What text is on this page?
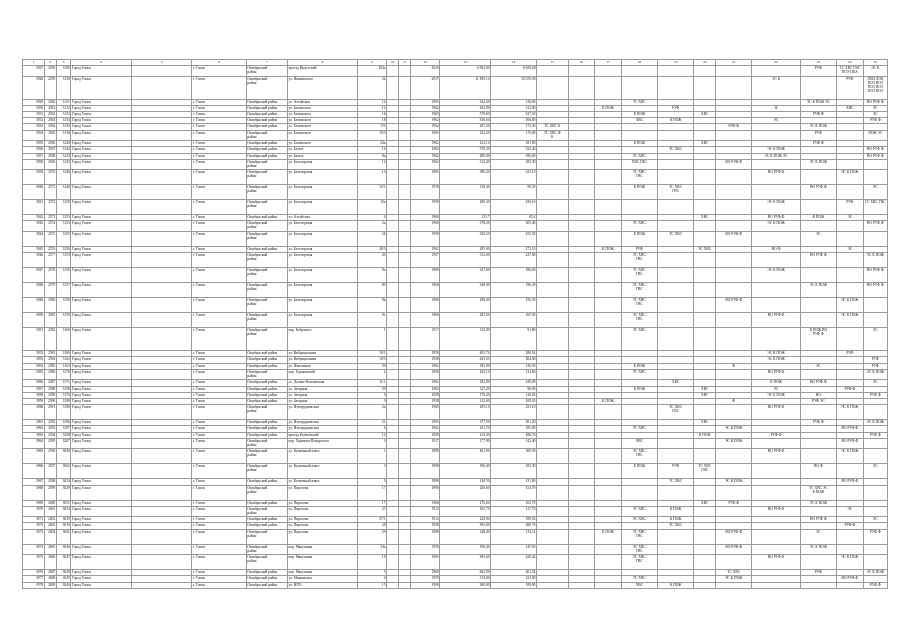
1	2	3	4	5	6	7	8	9	10	11	12	13	14	15	16	17	18	19	20	21	22	23	24	25
3927	2590	3100	Город Томск		г. Томск	Октябрьский
район	проезд Иркутский	104а			2020	6 963,00	6 639,00									РУФ	ТС ХВС ГВС
ПОЭ ПКА	ЭС К
3928	2559	3130	Город Томск		г. Томск	Октябрьский
район	ул. Ивановского	32			2017	11 499,10	10 376,90								ЭС К		РУФ	ЛОИ ЛОЦ
ПОЗ ПОЗ
ПОЗ ПОЗ
ПОЗ ПОЗ
3929	2560	3131	Город Томск		г. Томск	Октябрьский район	ул. Алтайская	12			1965	342,30	316,60				ТС ХВС					ЭС К ПОЖ ЭС		ВО РУФ Ф
3930	2561	3132	Город Томск		г. Томск	Октябрьский район	ул. Белинского	12			1962	443,90	312,00			К ПОЖ		РУФ			Ф		ХВС	ЭС
3931	2562	3133	Город Томск		г. Томск	Октябрьский район	ул. Белинского	16			1965	579,60	527,50				К ПОЖ		ХВС			РУФ Ф		ЭС
3932	2563	3134	Город Томск		г. Томск	Октябрьский район	ул. Белинского	18			1962	556,60	506,00				ХВС	К ПОЖ			ЭС			РУФ Ф
3933	2564	3135	Город Томск		г. Томск	Октябрьский район	ул. Белинского	17б			1962	207,20	173,30	ТС ХВС К						РУФ Ф		ЭС К ПОЖ		
3934	2565	3136	Город Томск		г. Томск	Октябрьский
район	ул. Белинского	19/3			1965	252,20	170,00	ТС ХВС Ф
К								РУФ		ПОЖ ЭС
3935	2566	3140	Город Томск		г. Томск	Октябрьский район	ул. Белинского	24а			1962	223,10	181,00				К ПОЖ		ХВС			РУФ Ф		
3936	2567	3142	Город Томск		г. Томск	Октябрьский район	ул. Белых	16			1962	578,30	523,40					ТС ХВС			ЭС К ПОЖ			ВО РУФ Ф
3937	2568	3143	Город Томск		г. Томск	Октябрьский район	ул. Белых	8а			1962	400,00	290,60				ТС ХВС				ЭС К ПОЖ ЭС			ВО РУФ Ф
3938	2569	3145	Город Томск		г. Томск	Октябрьский
район	ул. Белозерская	12			1962	313,40	295,30				ХВС ГВС			ВО РУФ Ф		ЭС К ПОЖ		
3939	2570	3146	Город Томск		г. Томск	Октябрьский
район	ул. Белозерская	13			1965	380,20	341,10				ТС ХВС
ГВС				ВО РУФ Ф		ЭС К ПОЖ	
3940	2571	3140	Город Томск		г. Томск	Октябрьский
район	ул. Белозерская	13/1			1918	138,40	90,30				К ПОЖ	ТС ХВС
ГВС				ВО РУФ Ф		ЭС
3941	2572	3150	Город Томск		г. Томск	Октябрьский
район	ул. Белозерская	15а			1958	289,30	256,10								ЭС К ПОЖ		РУФ	ГС ХВС ГВС
3942	2573	3152	Город Томск		г. Томск	Октябрьский район	ул. Алтайская	4			1960	133,7	85,4						ХВС		ВО РУФ Ф	К ПОЖ	ЭС	
3943	2574	3153	Город Томск		г. Томск	Октябрьский
район	ул. Белозерская	2а			1960	378,20	305,40				ТС ХВС				ЭС К ПОЖ			ВО РУФ Ф
3944	2575	3155	Город Томск		г. Томск	Октябрьский
район	ул. Белозерская	26			1958	326,50	255,50				К ПОЖ	ТС ХВС		ВО РУФ Ф		ЭС		
3945	2576	3156	Город Томск		г. Томск	Октябрьский район	ул. Белозерская	28/3			1962	295,00	272,10			К ПОЖ	РУФ		ЭС ХВС		ВО Ф		ЭС	
3946	2577	3153	Город Томск		г. Томск	Октябрьский
район	ул. Белозерская	2б			1957	312,00	227,90				ТС ХВС
ГВС					ВО РУФ Ф		ЭС К ПОЖ
3947	2578	3156	Город Томск		г. Томск	Октябрьский
район	ул. Белозерская	8а			1960	327,60	186,60				ТС ХВС
ГВС				ЭС К ПОЖ			ВО РУФ Ф
3948	2579	3157	Город Томск		г. Томск	Октябрьский
район	ул. Белозерская	8б			1960	348,90	196,30				ТС ХВС
ГВС					ЭС К ПОЖ		ВО РУФ Ф
3949	2580	3158	Город Томск		г. Томск	Октябрьский
район	ул. Белозерская	8в			1960	298,00	150,30				ТС ХВС
ГВС			ВО РУФ Ф			ЭС К ПОЖ	
3950	2581	3159	Город Томск		г. Томск	Октябрьский
район	ул. Белозерская	9г			1960	283,30	165,50				ТС ХВС
ГВС				ВО РУФ Ф		ЭС К ПОЖ	
3951	2582	3160	Город Томск		г. Томск	Октябрьский
район	пер. Бобрового	1			1917	125,00	91,80				ТС ХВС					К ПОЖ ВО
РУФ Ф		ЭС
3952	2583	3160	Город Томск		г. Томск	Октябрьский район	ул. Вибрационная	10/1			1958	405,74	280,54								ЭС К ПОЖ		РУФ	
3953	2584	3162	Город Томск		г. Томск	Октябрьский район	ул. Вибрационная	10/3			1958	443,05	284,60								ЭС К ПОЖ			РУФ
3954	2585	3163	Город Томск		г. Томск	Октябрьский район	ул. Фонтанная	59			1962	185,00	126,50				К ПОЖ			Ф		ЭС		РУФ
3955	2586	3170	Город Томск		г. Томск	Октябрьский
район	пер. Горьковский	2			1958	165,10	133,60				ТС ХВС				ВО РУФ Ф			ЭС К ПОЖ
3956	2587	3171	Город Томск		г. Томск	Октябрьский район	ул. Дальне-Ключевская	11/1			1962	292,90	249,00					ХВС			К ПОЖ	ВО РУФ Ф		ЭС
3957	2588	3158	Город Томск		г. Томск	Октябрьский район	ул. Загорная	59			1962	147,20	96,00				К ПОЖ		ХВС		ЭС		РУФ Ф	
3958	2589	3176	Город Томск		г. Томск	Октябрьский район	ул. Загорная	5			1958	176,45	120,03						ХВС		ЭС К ПОЖ	ВО		РУФ Ф
3959	2590	3180	Город Томск		г. Томск	Октябрьский район	ул. Загорная	9			1958	142,60	109,20			К ПОЖ				Ф		РУФ ЭС		
3960	2591	3190	Город Томск		г. Томск	Октябрьский
район	ул. Изумрудновская	2а			1965	295,10	253,10					ТС ХВС
ГВС			ВО РУФ Ф		ЭС К ПОЖ	
3961	2592	3196	Город Томск		г. Томск	Октябрьский район	ул. Изумрудновская	21			1965	277,50	201,20						ХВС			РУФ Ф		ЭС К ПОЖ
3962	2593	3197	Город Томск		г. Томск	Октябрьский район	ул. Изумрудновская	6			1962	231,70	185,00				ТС ХВС			ЭС К ПОЖ			ВО РУФ Ф	
3963	2594	3208	Город Томск		г. Томск	Октябрьский район	проезд Ключевской	12			1958	413,30	286,70						К ПОЖ		РУФ Ф			РУФ Ф
3964	2595	3207	Город Томск		г. Томск	Октябрьский
район	пер. Худякова-Пожарского	3			1917	177,90	142,40				ХВС			ЭС К ПОЖ			ВО РУФ Ф	
3965	2596	3040	Город Томск		г. Томск	Октябрьский
район	ул. Кузнечный взвоз	1			1898	401,00	300,50				ТС ХВС
ГВС				ВО РУФ Ф		ЭС К ПОЖ	
3966	2597	3062	Город Томск		г. Томск	Октябрьский
район	ул. Кузнечный взвоз	3			1898	196,40	185,30				К ПОЖ	РУФ	ТС ХВС
ГВС			ВО Ф		ЭС
3967	2598	3024	Город Томск		г. Томск	Октябрьский район	ул. Кузнечный взвоз	5			1890	148,50	131,00					ТС ХВС		ЭС К ПОЖ			ВО РУФ Ф	
3968	2599	3029	Город Томск		г. Томск	Октябрьский
район	ул. Пирогова	17			1890	256,60	154,70									ТС ХВС ЭС
К ПОЖ		
3969	2600	3031	Город Томск		г. Томск	Октябрьский район	ул. Пирогова	17			1960	276,60	163,70						ХВС	РУФ Ф		ЭС К ПОЖ		
3970	2601	3034	Город Томск		г. Томск	Октябрьский
район	ул. Пирогова	27			1912	165,70	127,70				ТС ХВС	К ПОЖ			ВО РУФ Ф		ЭС	
3971	2602	3029	Город Томск		г. Томск	Октябрьский район	ул. Пирогова	27/1			1912	220,90	199,50				ЭС ХВС	К ПОЖ				ВО РУФ Ф		ЭС
3972	2603	3030	Город Томск		г. Томск	Октябрьский район	ул. Пирогова	28			1958	395,00	280,70					ТС ХВС					РУФ Ф	
3973	2604	3041	Город Томск		г. Томск	Октябрьский
район	ул. Пирогова	29			1909	248,40	135,11			К ПОЖ	ТС ХВС
ГВС			ВО РУФ Ф		ЭС		РУФ Ф
3974	2605	3046	Город Томск		г. Томск	Октябрьский
район	пер. Макушина	34а			1956	190,40	145,50				ТС ХВС
ГВС			ВО РУФ Ф		ЭС К ПОЖ		
3975	2606	3047	Город Томск		г. Томск	Октябрьский
район	пер. Макушина	18			1965	383,60	220,42				ТС ХВС
ГВС				ВО РУФ Ф		ЭС К ПОЖ	
3976	2607	3028	Город Томск		г. Томск	Октябрьский район	пер. Макушина	5			1960	663,00	401,34							ТС ХВС		РУФ		ЭС К ПОЖ
3977	2608	3045	Город Томск		г. Томск	Октябрьский район	ул. Маяковская	4			1959	314,00	231,00				ТС ХВС			ЭС К ПОЖ			ВО РУФ Ф	
3978	2609	3046	Город Томск		г. Томск	Октябрьский район	ул. НПО	15			1990	309,00	189,90				ХВС	К ПОЖ						РУФ Ф
